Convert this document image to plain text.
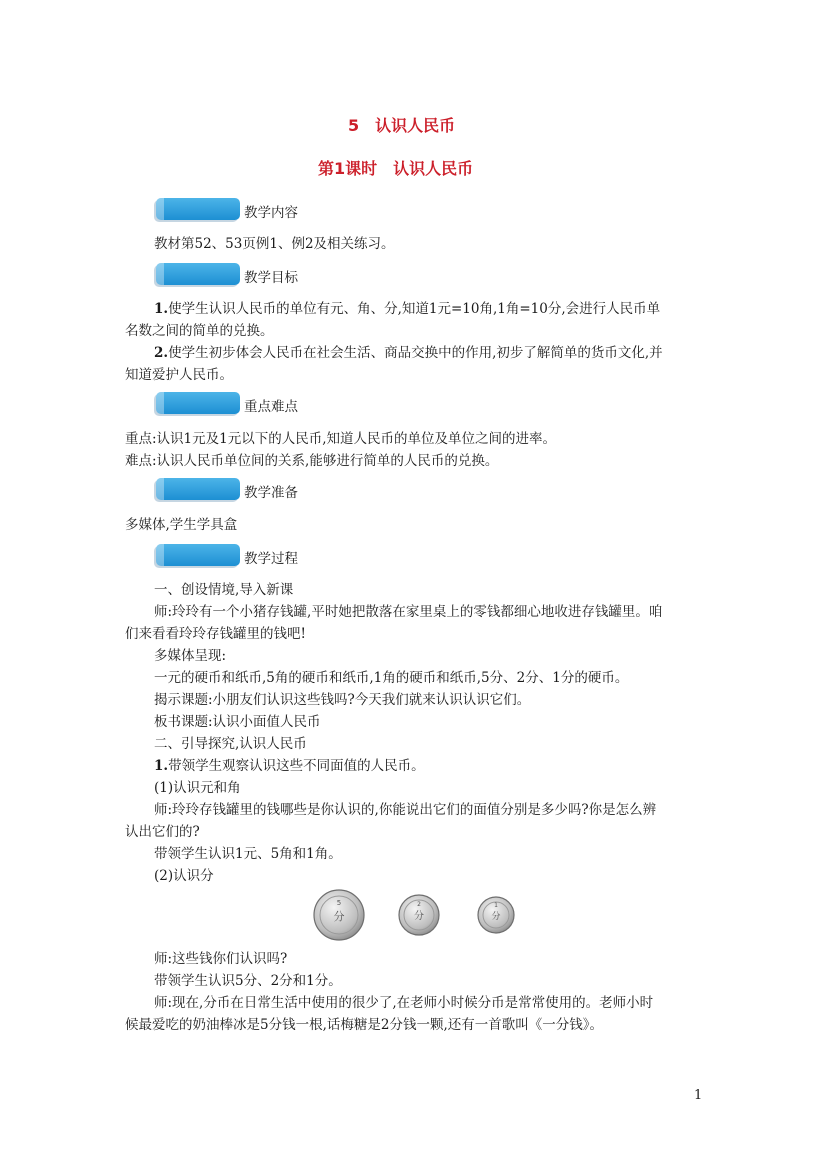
5　认识人民币
第1课时　认识人民币
教学内容
教材第52、53页例1、例2及相关练习。
教学目标
1.使学生认识人民币的单位有元、角、分,知道1元=10角,1角=10分,会进行人民币单
名数之间的简单的兑换。
2.使学生初步体会人民币在社会生活、商品交换中的作用,初步了解简单的货币文化,并
知道爱护人民币。
重点难点
重点:认识1元及1元以下的人民币,知道人民币的单位及单位之间的进率。
难点:认识人民币单位间的关系,能够进行简单的人民币的兑换。
教学准备
多媒体,学生学具盒
教学过程
一、创设情境,导入新课
师:玲玲有一个小猪存钱罐,平时她把散落在家里桌上的零钱都细心地收进存钱罐里。咱
们来看看玲玲存钱罐里的钱吧!
多媒体呈现:
一元的硬币和纸币,5角的硬币和纸币,1角的硬币和纸币,5分、2分、1分的硬币。
揭示课题:小朋友们认识这些钱吗?今天我们就来认识认识它们。
板书课题:认识小面值人民币
二、引导探究,认识人民币
1.带领学生观察认识这些不同面值的人民币。
(1)认识元和角
师:玲玲存钱罐里的钱哪些是你认识的,你能说出它们的面值分别是多少吗?你是怎么辨
认出它们的?
带领学生认识1元、5角和1角。
(2)认识分
5
分
2
分
1
分
师:这些钱你们认识吗?
带领学生认识5分、2分和1分。
师:现在,分币在日常生活中使用的很少了,在老师小时候分币是常常使用的。老师小时
候最爱吃的奶油棒冰是5分钱一根,话梅糖是2分钱一颗,还有一首歌叫《一分钱》。
1
